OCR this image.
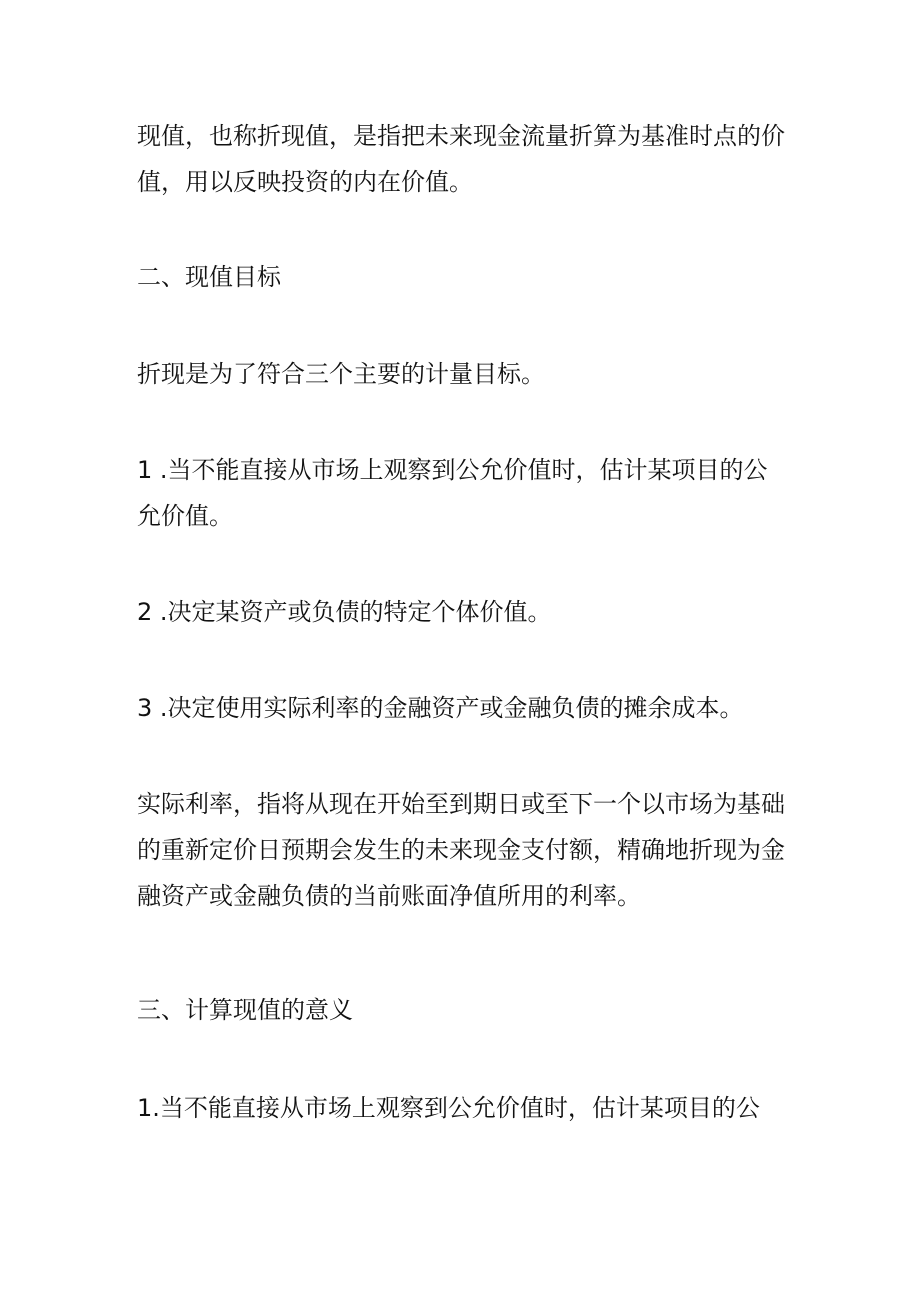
现值，也称折现值，是指把未来现金流量折算为基准时点的价值，用以反映投资的内在价值。

二、现值目标

折现是为了符合三个主要的计量目标。

1 .当不能直接从市场上观察到公允价值时，估计某项目的公允价值。

2 .决定某资产或负债的特定个体价值。

3 .决定使用实际利率的金融资产或金融负债的摊余成本。

实际利率，指将从现在开始至到期日或至下一个以市场为基础的重新定价日预期会发生的未来现金支付额，精确地折现为金融资产或金融负债的当前账面净值所用的利率。

三、计算现值的意义

1.当不能直接从市场上观察到公允价值时，估计某项目的公
